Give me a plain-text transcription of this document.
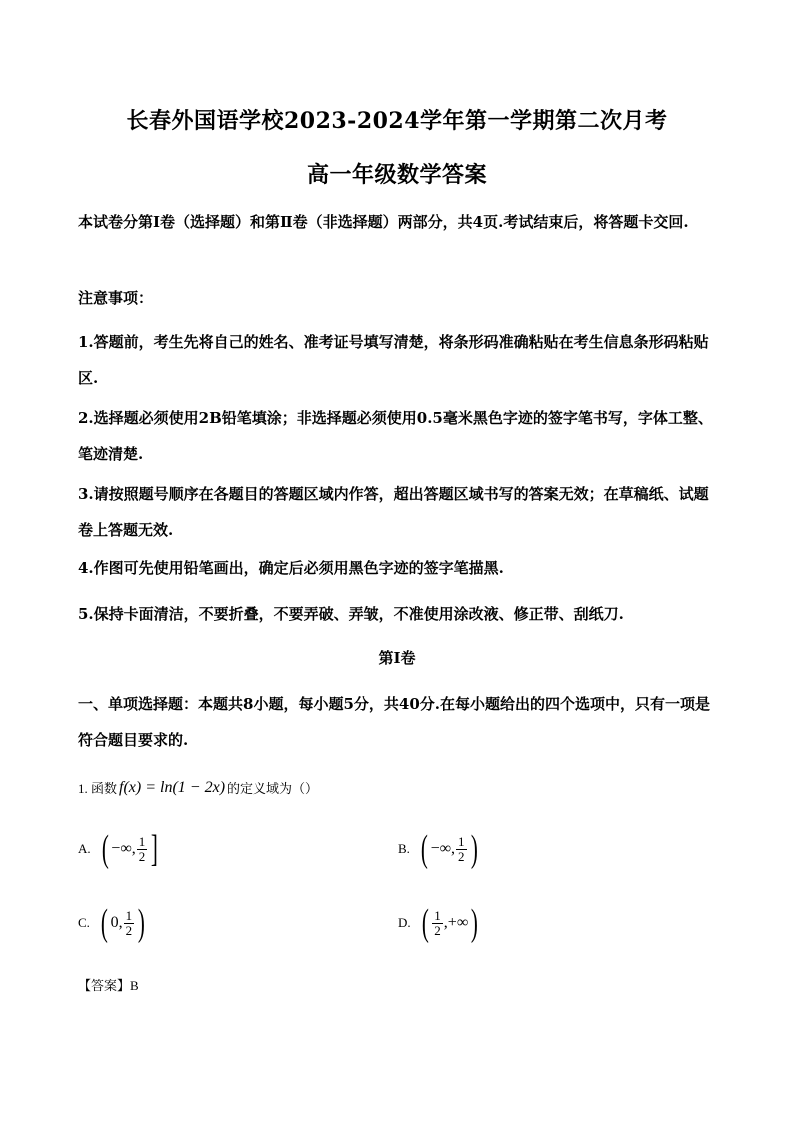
长春外国语学校2023-2024学年第一学期第二次月考
高一年级数学答案
本试卷分第Ⅰ卷（选择题）和第Ⅱ卷（非选择题）两部分，共4页.考试结束后，将答题卡交回.
注意事项：
1.答题前，考生先将自己的姓名、准考证号填写清楚，将条形码准确粘贴在考生信息条形码粘贴区.
2.选择题必须使用2B铅笔填涂；非选择题必须使用0.5毫米黑色字迹的签字笔书写，字体工整、笔迹清楚.
3.请按照题号顺序在各题目的答题区域内作答，超出答题区域书写的答案无效；在草稿纸、试题卷上答题无效.
4.作图可先使用铅笔画出，确定后必须用黑色字迹的签字笔描黑.
5.保持卡面清洁，不要折叠，不要弄破、弄皱，不准使用涂改液、修正带、刮纸刀.
第Ⅰ卷
一、单项选择题：本题共8小题，每小题5分，共40分.在每小题给出的四个选项中，只有一项是符合题目要求的.
1. 函数 f(x) = ln(1 − 2x) 的定义域为（）
A. ( −∞, $\frac{1}{2}$ ]	B. ( −∞, $\frac{1}{2}$ )
C. ( 0, $\frac{1}{2}$ )	D. ( $\frac{1}{2}$ ,+∞ )
【答案】B
